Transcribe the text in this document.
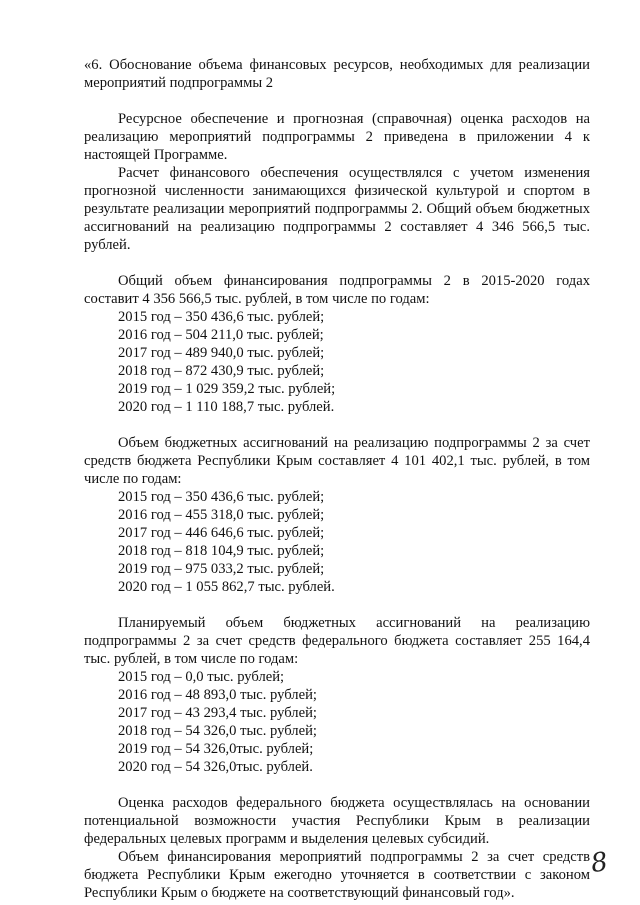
«6. Обоснование объема финансовых ресурсов, необходимых для реализации мероприятий подпрограммы 2

Ресурсное обеспечение и прогнозная (справочная) оценка расходов на реализацию мероприятий подпрограммы 2 приведена в приложении 4 к настоящей Программе.

Расчет финансового обеспечения осуществлялся с учетом изменения прогнозной численности занимающихся физической культурой и спортом в результате реализации мероприятий подпрограммы 2. Общий объем бюджетных ассигнований на реализацию подпрограммы 2 составляет 4 346 566,5 тыс. рублей.

Общий объем финансирования подпрограммы 2 в 2015-2020 годах составит 4 356 566,5 тыс. рублей, в том числе по годам:

2015 год – 350 436,6 тыс. рублей;
2016 год – 504 211,0 тыс. рублей;
2017 год – 489 940,0 тыс. рублей;
2018 год – 872 430,9 тыс. рублей;
2019 год – 1 029 359,2 тыс. рублей;
2020 год – 1 110 188,7 тыс. рублей.

Объем бюджетных ассигнований на реализацию подпрограммы 2 за счет средств бюджета Республики Крым составляет 4 101 402,1 тыс. рублей, в том числе по годам:

2015 год – 350 436,6 тыс. рублей;
2016 год – 455 318,0 тыс. рублей;
2017 год – 446 646,6 тыс. рублей;
2018 год – 818 104,9 тыс. рублей;
2019 год – 975 033,2 тыс. рублей;
2020 год – 1 055 862,7 тыс. рублей.

Планируемый объем бюджетных ассигнований на реализацию подпрограммы 2 за счет средств федерального бюджета составляет 255 164,4 тыс. рублей, в том числе по годам:

2015 год – 0,0 тыс. рублей;
2016 год – 48 893,0 тыс. рублей;
2017 год – 43 293,4 тыс. рублей;
2018 год – 54 326,0 тыс. рублей;
2019 год – 54 326,0тыс. рублей;
2020 год – 54 326,0тыс. рублей.

Оценка расходов федерального бюджета осуществлялась на основании потенциальной возможности участия Республики Крым в реализации федеральных целевых программ и выделения целевых субсидий.

Объем финансирования мероприятий подпрограммы 2 за счет средств бюджета Республики Крым ежегодно уточняется в соответствии с законом Республики Крым о бюджете на соответствующий финансовый год».

8
